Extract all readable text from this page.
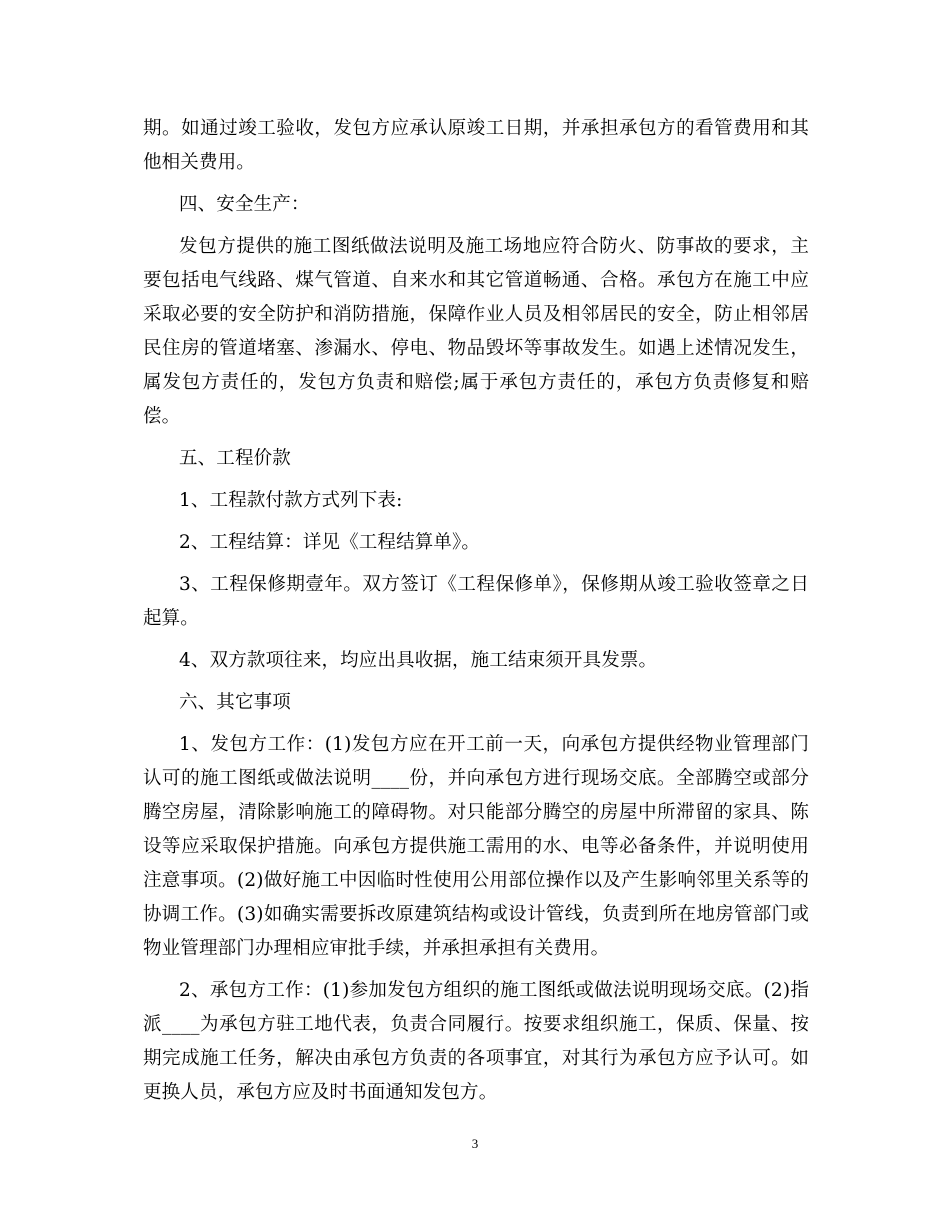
期。如通过竣工验收，发包方应承认原竣工日期，并承担承包方的看管费用和其他相关费用。

四、安全生产：

发包方提供的施工图纸做法说明及施工场地应符合防火、防事故的要求，主要包括电气线路、煤气管道、自来水和其它管道畅通、合格。承包方在施工中应采取必要的安全防护和消防措施，保障作业人员及相邻居民的安全，防止相邻居民住房的管道堵塞、渗漏水、停电、物品毁坏等事故发生。如遇上述情况发生，属发包方责任的，发包方负责和赔偿;属于承包方责任的，承包方负责修复和赔偿。

五、工程价款

1、工程款付款方式列下表:

2、工程结算：详见《工程结算单》。

3、工程保修期壹年。双方签订《工程保修单》，保修期从竣工验收签章之日起算。

4、双方款项往来，均应出具收据，施工结束须开具发票。

六、其它事项

1、发包方工作：(1)发包方应在开工前一天，向承包方提供经物业管理部门认可的施工图纸或做法说明____份，并向承包方进行现场交底。全部腾空或部分腾空房屋，清除影响施工的障碍物。对只能部分腾空的房屋中所滞留的家具、陈设等应采取保护措施。向承包方提供施工需用的水、电等必备条件，并说明使用注意事项。(2)做好施工中因临时性使用公用部位操作以及产生影响邻里关系等的协调工作。(3)如确实需要拆改原建筑结构或设计管线，负责到所在地房管部门或物业管理部门办理相应审批手续，并承担承担有关费用。

2、承包方工作：(1)参加发包方组织的施工图纸或做法说明现场交底。(2)指派____为承包方驻工地代表，负责合同履行。按要求组织施工，保质、保量、按期完成施工任务，解决由承包方负责的各项事宜，对其行为承包方应予认可。如更换人员，承包方应及时书面通知发包方。

3
